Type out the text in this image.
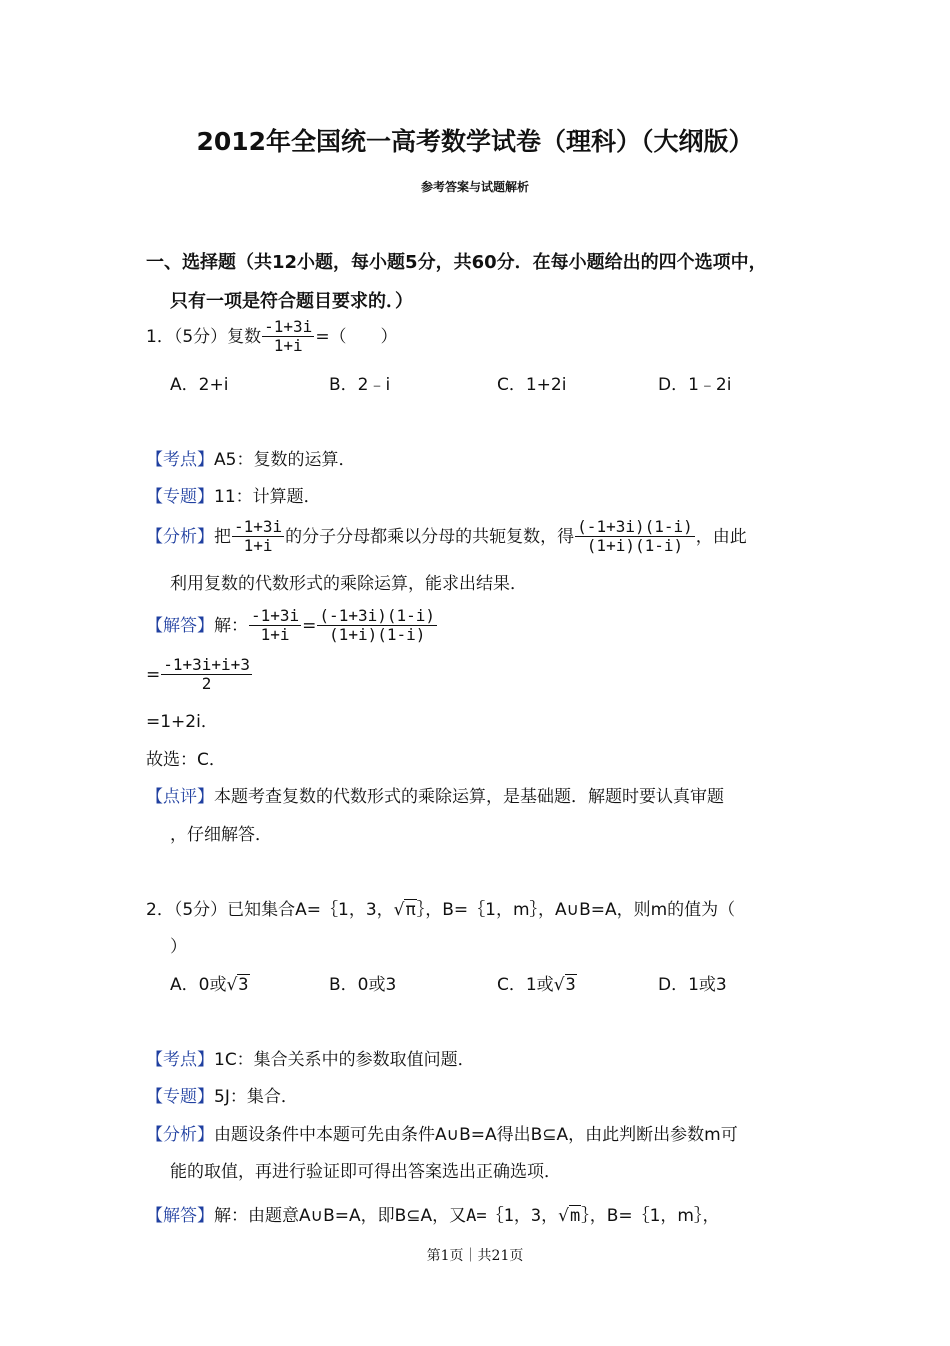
2012年全国统一高考数学试卷（理科）（大纲版）
参考答案与试题解析
一、选择题（共12小题，每小题5分，共60分．在每小题给出的四个选项中，
只有一项是符合题目要求的．）
1．（5分）复数 $\frac{-1+3i}{1+i}$ =（　　）
A．2+i	B．2﹣i	C．1+2i	D．1﹣2i
【考点】A5：复数的运算．
【专题】11：计算题．
【分析】把 $\frac{-1+3i}{1+i}$ 的分子分母都乘以分母的共轭复数，得 $\frac{(-1+3i)(1-i)}{(1+i)(1-i)}$ ，由此
利用复数的代数形式的乘除运算，能求出结果．
【解答】解： $\frac{-1+3i}{1+i} = \frac{(-1+3i)(1-i)}{(1+i)(1-i)}$
= $\frac{-1+3i+i+3}{2}$
=1+2i．
故选：C．
【点评】本题考查复数的代数形式的乘除运算，是基础题．解题时要认真审题
，仔细解答．
2．（5分）已知集合A=｛1，3，√π｝，B=｛1，m｝，A∪B=A，则m的值为（
）
A．0或√3	B．0或3	C．1或√3	D．1或3
【考点】1C：集合关系中的参数取值问题．
【专题】5J：集合．
【分析】由题设条件中本题可先由条件A∪B=A得出B⊆A，由此判断出参数m可
能的取值，再进行验证即可得出答案选出正确选项．
【解答】解：由题意A∪B=A，即B⊆A，又A=｛1，3，√m｝，B=｛1，m｝，
第1页｜共21页
